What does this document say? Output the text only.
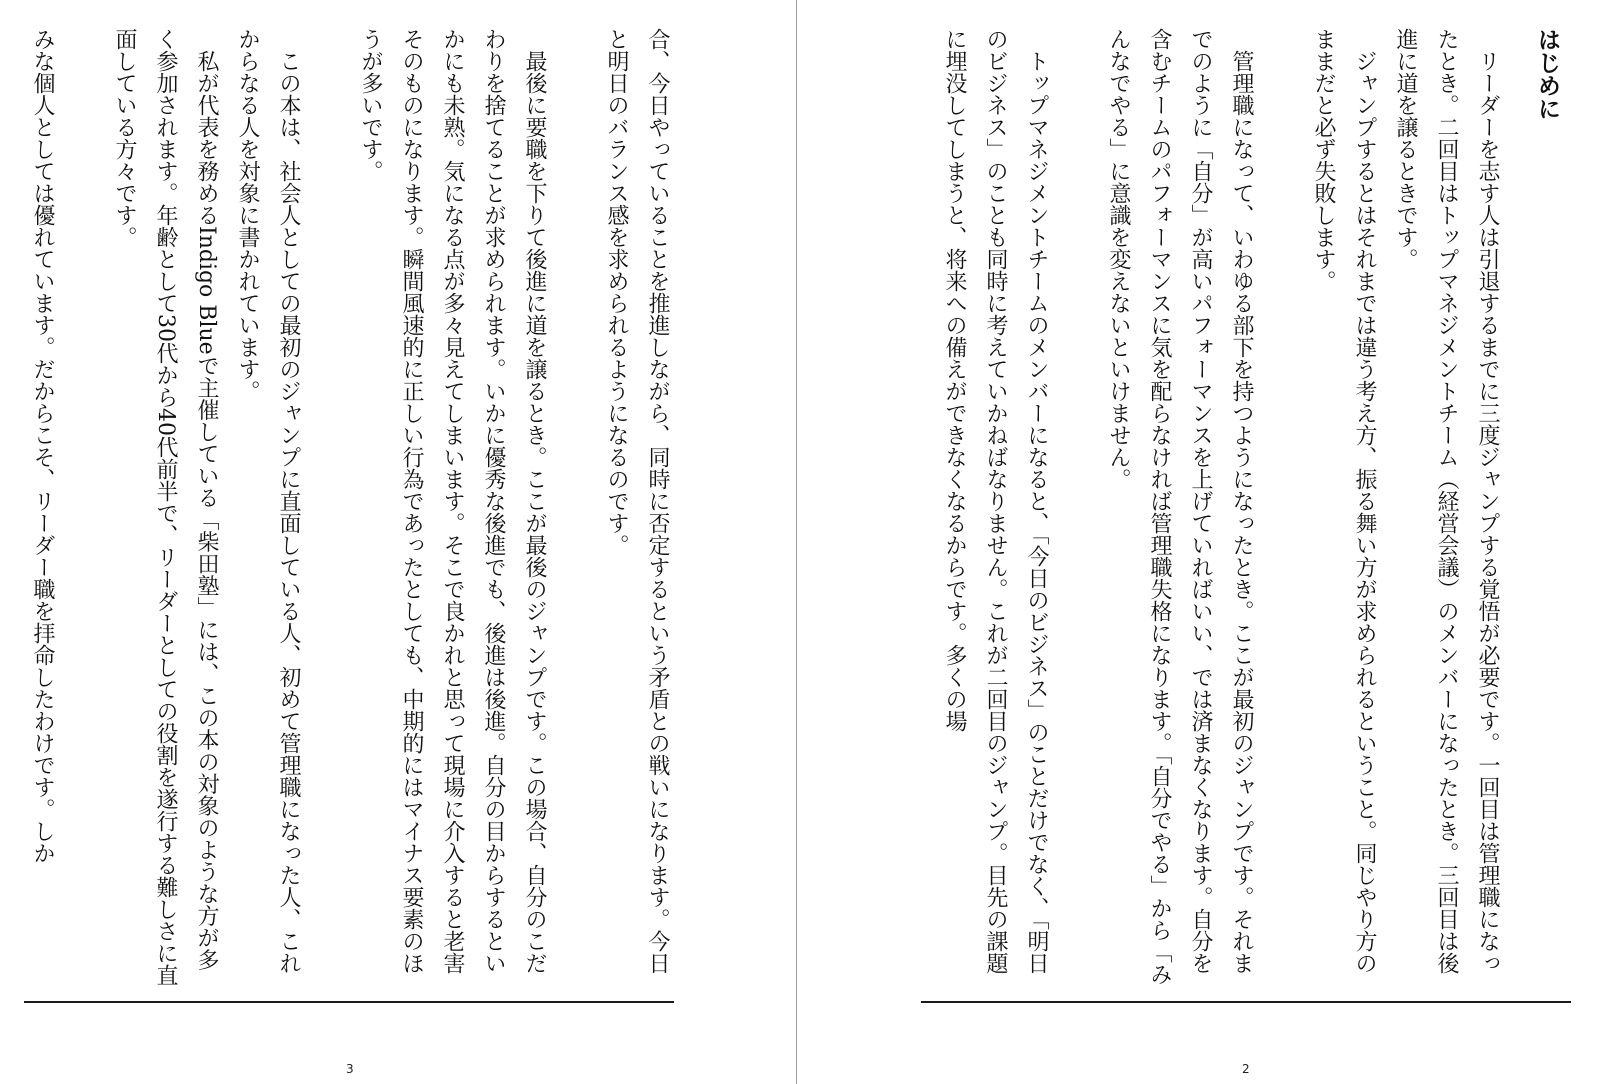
合、今日やっていることを推進しながら、同時に否定するという矛盾との戦いになります。今日と明日のバランス感を求められるようになるのです。

　最後に要職を下りて後進に道を譲るとき。ここが最後のジャンプです。この場合、自分のこだわりを捨てることが求められます。いかに優秀な後進でも、後進は後進。自分の目からするといかにも未熟。気になる点が多々見えてしまいます。そこで良かれと思って現場に介入すると老害そのものになります。瞬間風速的に正しい行為であったとしても、中期的にはマイナス要素のほうが多いです。

　この本は、社会人としての最初のジャンプに直面している人、初めて管理職になった人、これからなる人を対象に書かれています。

　私が代表を務めるIndigo Blueで主催している「柴田塾」には、この本の対象のような方が多く参加されます。年齢として30代から40代前半で、リーダーとしての役割を遂行する難しさに直面している方々です。

みな個人としては優れています。だからこそ、リーダー職を拝命したわけです。しか

3
はじめに

　リーダーを志す人は引退するまでに三度ジャンプする覚悟が必要です。一回目は管理職になったとき。二回目はトップマネジメントチーム（経営会議）のメンバーになったとき。三回目は後進に道を譲るときです。

　ジャンプするとはそれまでは違う考え方、振る舞い方が求められるということ。同じやり方のままだと必ず失敗します。

　管理職になって、いわゆる部下を持つようになったとき。ここが最初のジャンプです。それまでのように「自分」が高いパフォーマンスを上げていればいい、では済まなくなります。自分を含むチームのパフォーマンスに気を配らなければ管理職失格になります。「自分でやる」から「みんなでやる」に意識を変えないといけません。

　トップマネジメントチームのメンバーになると、「今日のビジネス」のことだけでなく、「明日のビジネス」のことも同時に考えていかねばなりません。これが二回目のジャンプ。目先の課題に埋没してしまうと、将来への備えができなくなるからです。多くの場

2
